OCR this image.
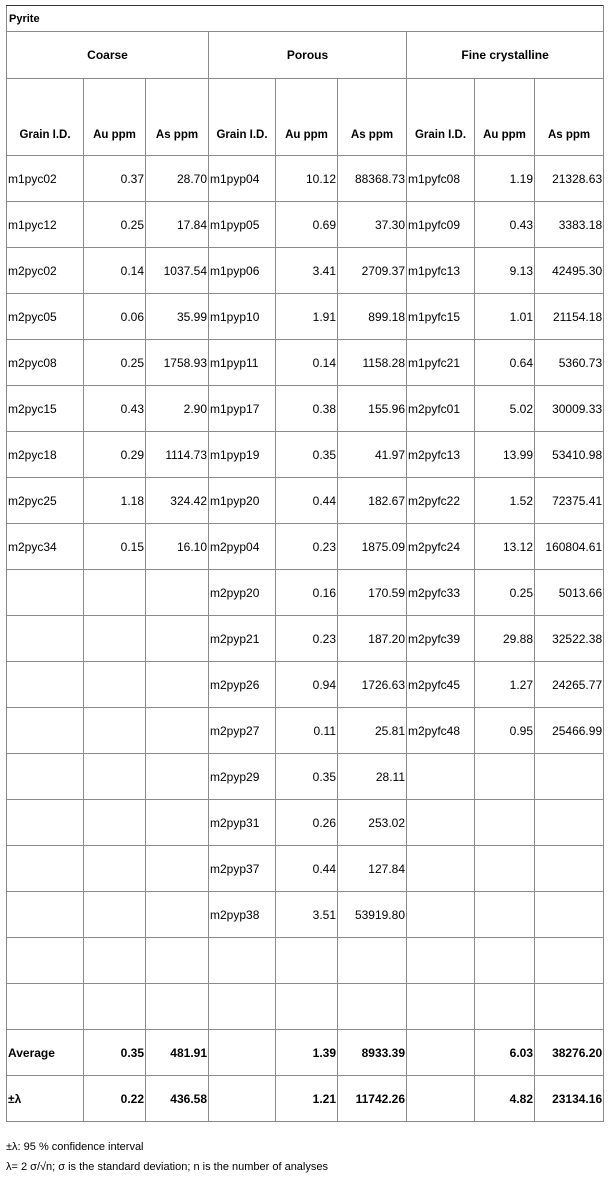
Pyrite								
Coarse			Porous			Fine crystalline		
Grain I.D.	Au ppm	As ppm	Grain I.D.	Au ppm	As ppm	Grain I.D.	Au ppm	As ppm
m1pyc02	0.37	28.70	m1pyp04	10.12	88368.73	m1pyfc08	1.19	21328.63
m1pyc12	0.25	17.84	m1pyp05	0.69	37.30	m1pyfc09	0.43	3383.18
m2pyc02	0.14	1037.54	m1pyp06	3.41	2709.37	m1pyfc13	9.13	42495.30
m2pyc05	0.06	35.99	m1pyp10	1.91	899.18	m1pyfc15	1.01	21154.18
m2pyc08	0.25	1758.93	m1pyp11	0.14	1158.28	m1pyfc21	0.64	5360.73
m2pyc15	0.43	2.90	m1pyp17	0.38	155.96	m2pyfc01	5.02	30009.33
m2pyc18	0.29	1114.73	m1pyp19	0.35	41.97	m2pyfc13	13.99	53410.98
m2pyc25	1.18	324.42	m1pyp20	0.44	182.67	m2pyfc22	1.52	72375.41
m2pyc34	0.15	16.10	m2pyp04	0.23	1875.09	m2pyfc24	13.12	160804.61
			m2pyp20	0.16	170.59	m2pyfc33	0.25	5013.66
			m2pyp21	0.23	187.20	m2pyfc39	29.88	32522.38
			m2pyp26	0.94	1726.63	m2pyfc45	1.27	24265.77
			m2pyp27	0.11	25.81	m2pyfc48	0.95	25466.99
			m2pyp29	0.35	28.11			
			m2pyp31	0.26	253.02			
			m2pyp37	0.44	127.84			
			m2pyp38	3.51	53919.80			

Average	0.35	481.91		1.39	8933.39		6.03	38276.20
±λ	0.22	436.58		1.21	11742.26		4.82	23134.16
±λ: 95 % confidence interval
λ= 2 σ/√n; σ is the standard deviation; n is the number of analyses
